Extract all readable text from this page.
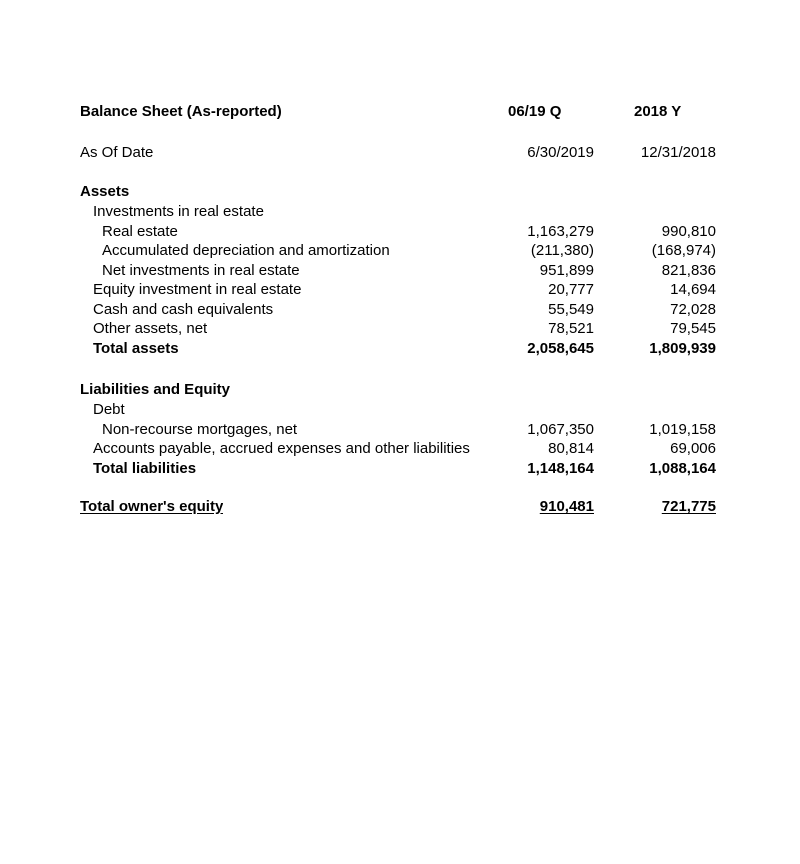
Balance Sheet (As-reported)	06/19 Q	2018 Y
As Of Date	6/30/2019	12/31/2018
Assets
Investments in real estate
Real estate	1,163,279	990,810
Accumulated depreciation and amortization	(211,380)	(168,974)
Net investments in real estate	951,899	821,836
Equity investment in real estate	20,777	14,694
Cash and cash equivalents	55,549	72,028
Other assets, net	78,521	79,545
Total assets	2,058,645	1,809,939
Liabilities and Equity
Debt
Non-recourse mortgages, net	1,067,350	1,019,158
Accounts payable, accrued expenses and other liabilities	80,814	69,006
Total liabilities	1,148,164	1,088,164
Total owner's equity	910,481	721,775
